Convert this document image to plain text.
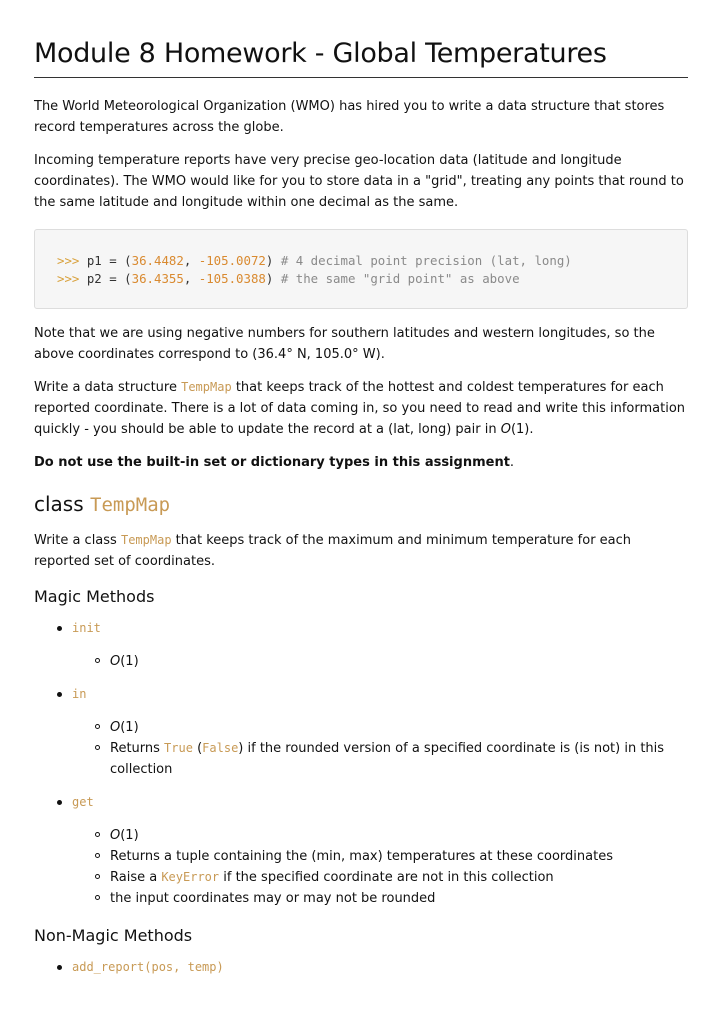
Module 8 Homework - Global Temperatures

The World Meteorological Organization (WMO) has hired you to write a data structure that stores record temperatures across the globe.

Incoming temperature reports have very precise geo-location data (latitude and longitude coordinates). The WMO would like for you to store data in a "grid", treating any points that round to the same latitude and longitude within one decimal as the same.

>>> p1 = (36.4482, -105.0072) # 4 decimal point precision (lat, long)
>>> p2 = (36.4355, -105.0388) # the same "grid point" as above

Note that we are using negative numbers for southern latitudes and western longitudes, so the above coordinates correspond to (36.4° N, 105.0° W).

Write a data structure TempMap that keeps track of the hottest and coldest temperatures for each reported coordinate. There is a lot of data coming in, so you need to read and write this information quickly - you should be able to update the record at a (lat, long) pair in O(1).

Do not use the built-in set or dictionary types in this assignment.

class TempMap

Write a class TempMap that keeps track of the maximum and minimum temperature for each reported set of coordinates.

Magic Methods
init
O(1)
in
O(1)
Returns True (False) if the rounded version of a specified coordinate is (is not) in this collection
get
O(1)
Returns a tuple containing the (min, max) temperatures at these coordinates
Raise a KeyError if the specified coordinate are not in this collection
the input coordinates may or may not be rounded
Non-Magic Methods
add_report(pos, temp)
